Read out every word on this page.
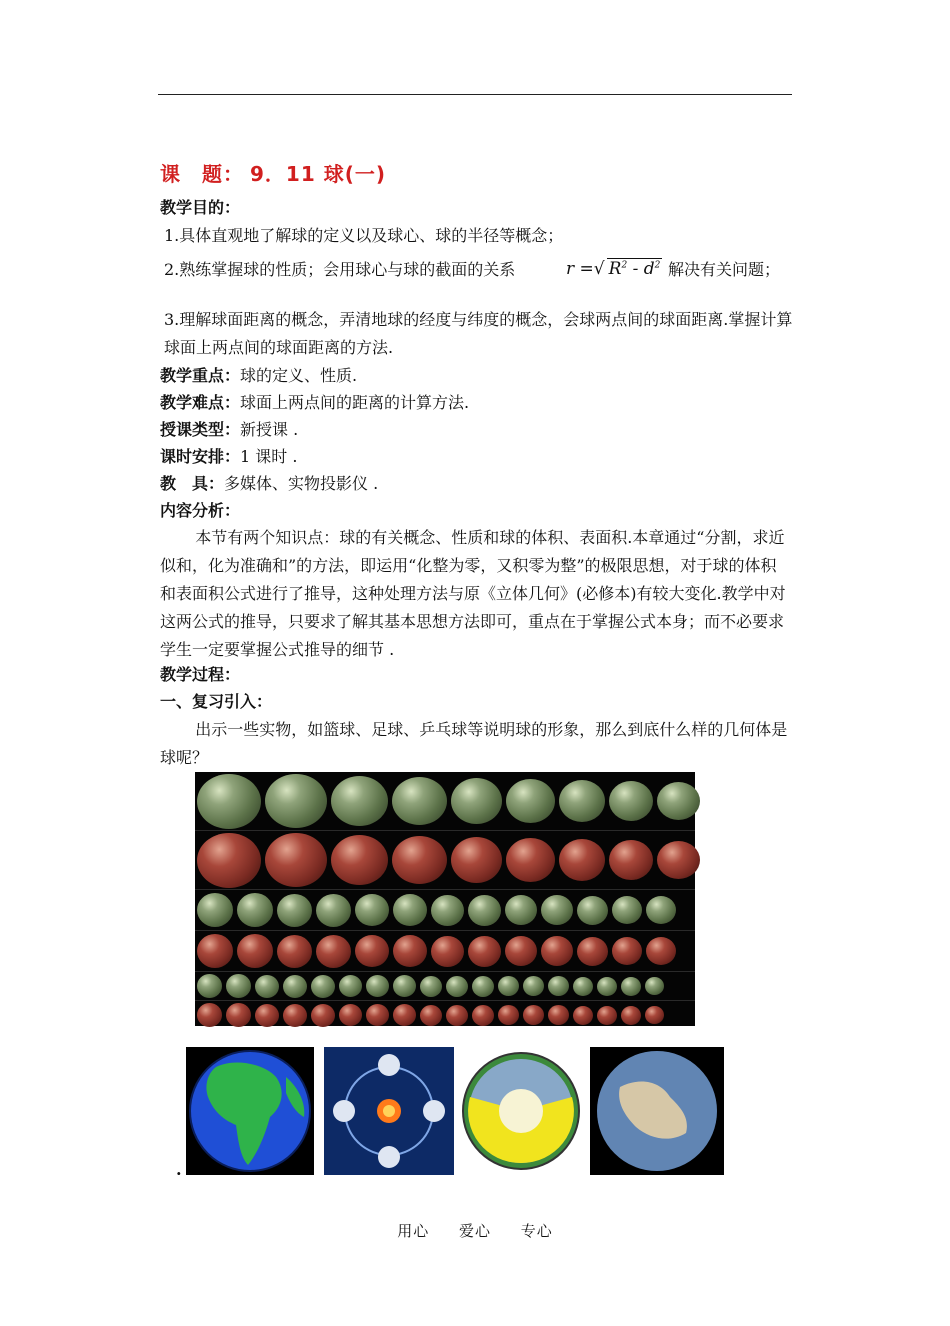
课　题： 9．11 球(一)
教学目的：
1.具体直观地了解球的定义以及球心、球的半径等概念；
2.熟练掌握球的性质；会用球心与球的截面的关系	r =√ $R^2 - d^2$ 解决有关问题；
3.理解球面距离的概念，弄清地球的经度与纬度的概念，会球两点间的球面距离.掌握计算球面上两点间的球面距离的方法.
教学重点：球的定义、性质.
教学难点：球面上两点间的距离的计算方法.
授课类型：新授课 .
课时安排：1 课时 .
教　具：多媒体、实物投影仪 .
内容分析：
本节有两个知识点：球的有关概念、性质和球的体积、表面积.本章通过“分割，求近似和，化为准确和”的方法，即运用“化整为零，又积零为整”的极限思想，对于球的体积和表面积公式进行了推导，这种处理方法与原《立体几何》(必修本)有较大变化.教学中对这两公式的推导，只要求了解其基本思想方法即可，重点在于掌握公式本身；而不必要求学生一定要掌握公式推导的细节 .
教学过程：
一、复习引入：
出示一些实物，如篮球、足球、乒乓球等说明球的形象，那么到底什么样的几何体是球呢？
.
用心 爱心 专心
